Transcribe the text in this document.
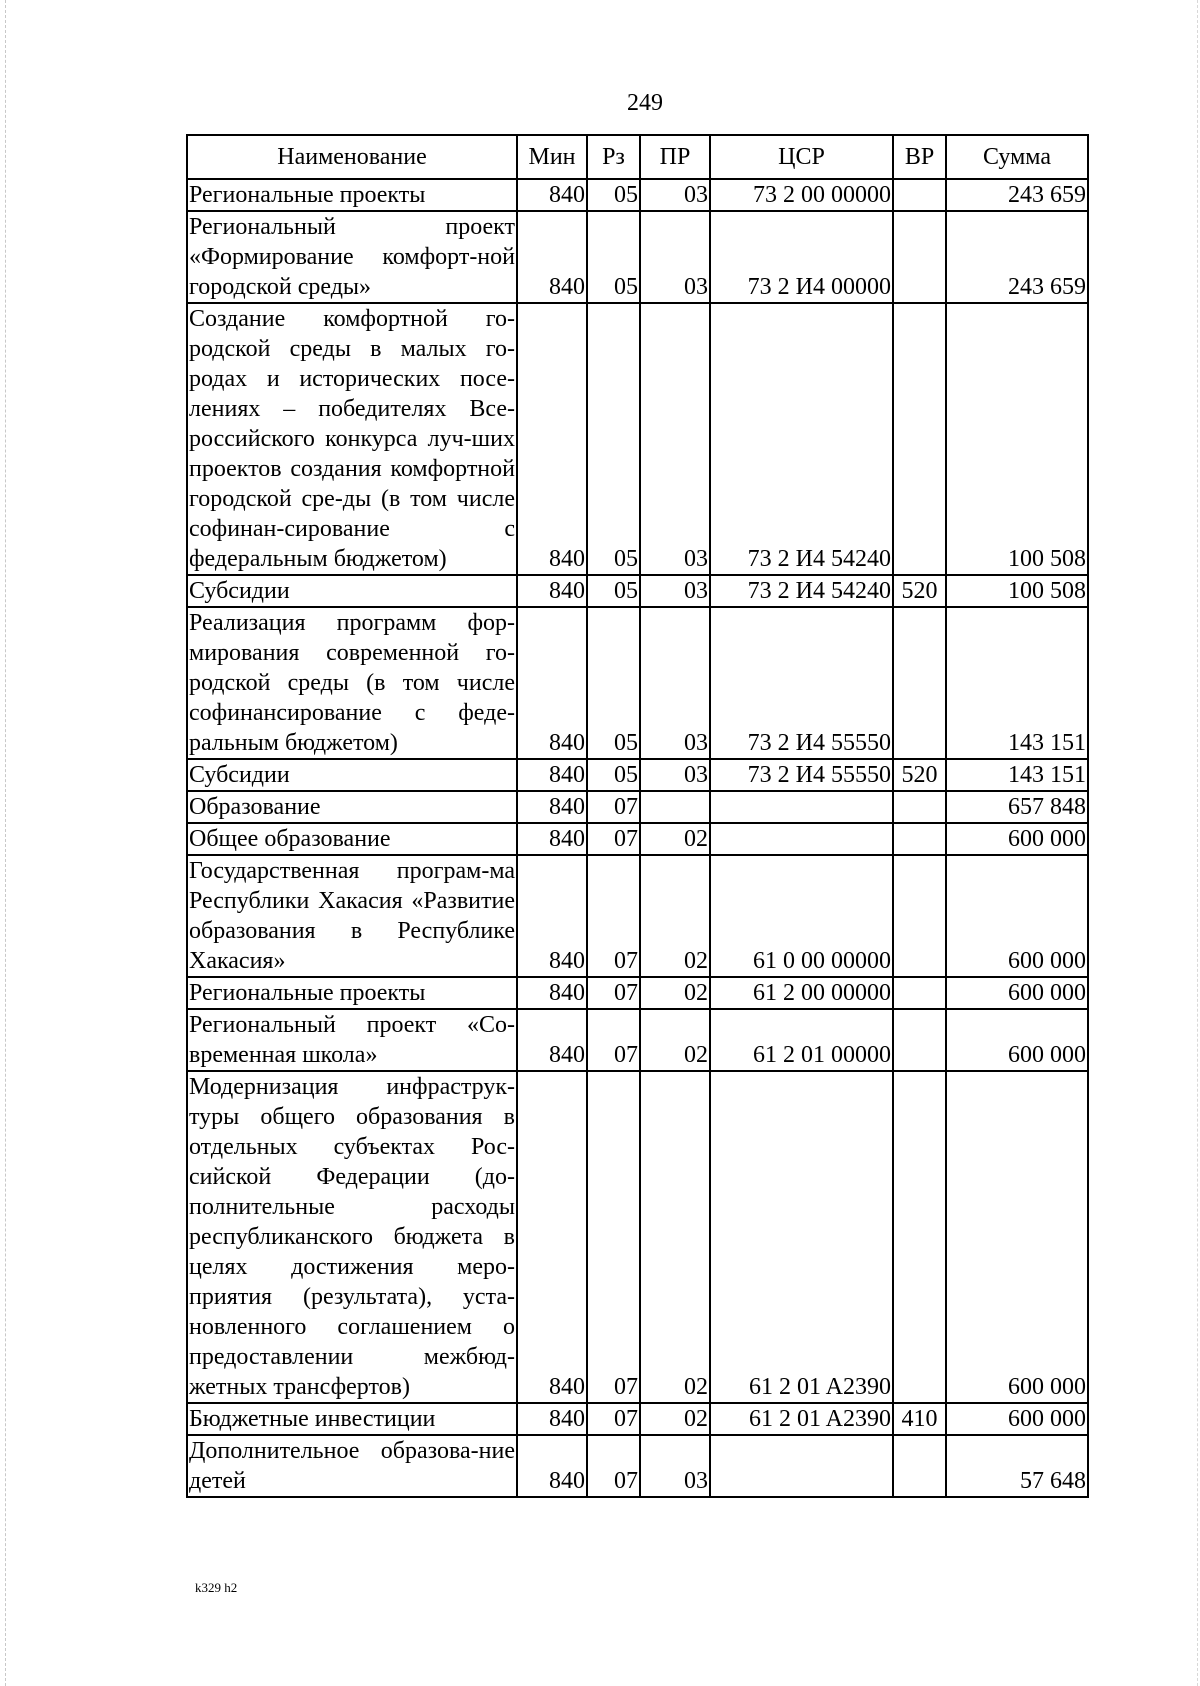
249
Наименование	Мин	Рз	ПР	ЦСР	ВР	Сумма
Региональные проекты	840	05	03	73 2 00 00000		243 659
Региональный проект «Формирование комфорт-ной городской среды»	840	05	03	73 2 И4 00000		243 659
Создание комфортной го-родской среды в малых го-родах и исторических посе-лениях – победителях Все-российского конкурса луч-ших проектов создания комфортной городской сре-ды (в том числе софинан-сирование с федеральным бюджетом)	840	05	03	73 2 И4 54240		100 508
Субсидии	840	05	03	73 2 И4 54240	520	100 508
Реализация программ фор-мирования современной го-родской среды (в том числе софинансирование с феде-ральным бюджетом)	840	05	03	73 2 И4 55550		143 151
Субсидии	840	05	03	73 2 И4 55550	520	143 151
Образование	840	07				657 848
Общее образование	840	07	02			600 000
Государственная програм-ма Республики Хакасия «Развитие образования в Республике Хакасия»	840	07	02	61 0 00 00000		600 000
Региональные проекты	840	07	02	61 2 00 00000		600 000
Региональный проект «Со-временная школа»	840	07	02	61 2 01 00000		600 000
Модернизация инфраструк-туры общего образования в отдельных субъектах Рос-сийской Федерации (до-полнительные расходы республиканского бюджета в целях достижения меро-приятия (результата), уста-новленного соглашением о предоставлении межбюд-жетных трансфертов)	840	07	02	61 2 01 A2390		600 000
Бюджетные инвестиции	840	07	02	61 2 01 A2390	410	600 000
Дополнительное образова-ние детей	840	07	03			57 648
k329 h2
